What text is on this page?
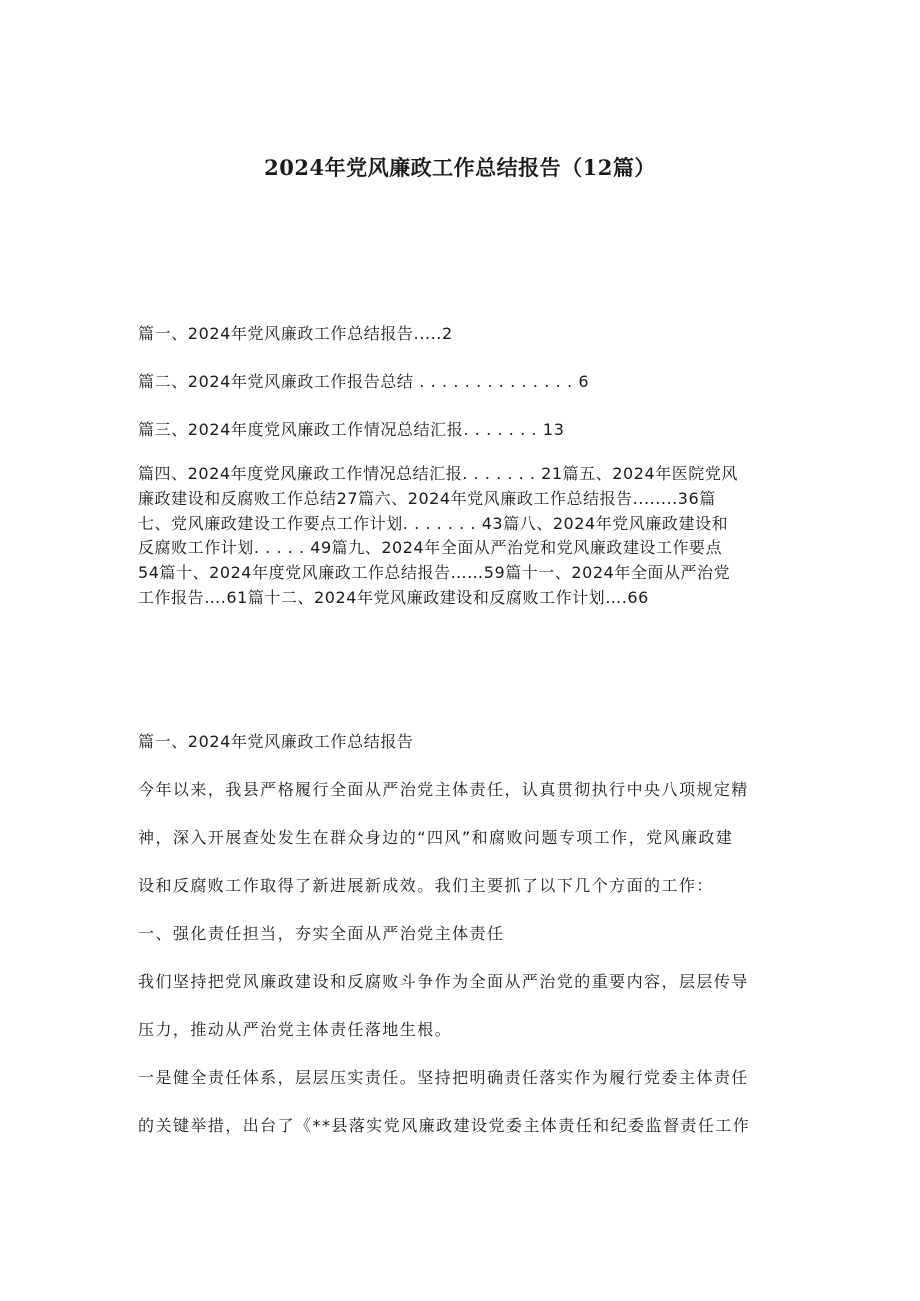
2024年党风廉政工作总结报告（12篇）
篇一、2024年党风廉政工作总结报告.....2
篇二、2024年党风廉政工作报告总结 . . . . . . . . . . . . . . 6
篇三、2024年度党风廉政工作情况总结汇报. . . . . . . 13
篇四、2024年度党风廉政工作情况总结汇报. . . . . . . 21篇五、2024年医院党风
廉政建设和反腐败工作总结27篇六、2024年党风廉政工作总结报告........36篇
七、党风廉政建设工作要点工作计划. . . . . . . 43篇八、2024年党风廉政建设和
反腐败工作计划. . . . . 49篇九、2024年全面从严治党和党风廉政建设工作要点
54篇十、2024年度党风廉政工作总结报告……59篇十一、2024年全面从严治党
工作报告….61篇十二、2024年党风廉政建设和反腐败工作计划….66
篇一、2024年党风廉政工作总结报告
今年以来，我县严格履行全面从严治党主体责任，认真贯彻执行中央八项规定精
神，深入开展查处发生在群众身边的“四风”和腐败问题专项工作，党风廉政建
设和反腐败工作取得了新进展新成效。我们主要抓了以下几个方面的工作：
一、强化责任担当，夯实全面从严治党主体责任
我们坚持把党风廉政建设和反腐败斗争作为全面从严治党的重要内容，层层传导
压力，推动从严治党主体责任落地生根。
一是健全责任体系，层层压实责任。坚持把明确责任落实作为履行党委主体责任
的关键举措，出台了《**县落实党风廉政建设党委主体责任和纪委监督责任工作
